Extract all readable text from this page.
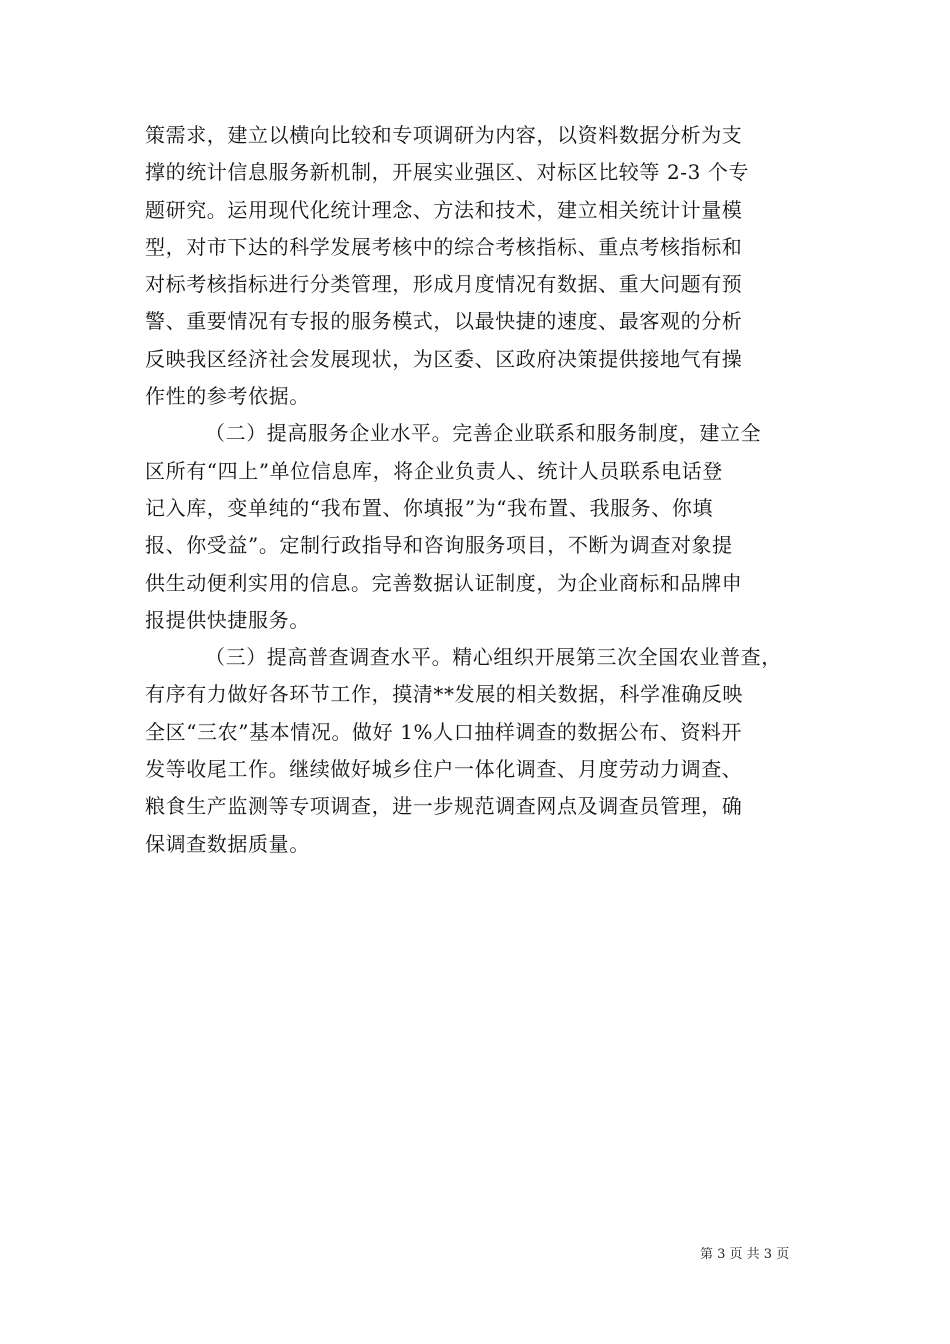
策需求，建立以横向比较和专项调研为内容，以资料数据分析为支
撑的统计信息服务新机制，开展实业强区、对标区比较等 2-3 个专
题研究。运用现代化统计理念、方法和技术，建立相关统计计量模
型，对市下达的科学发展考核中的综合考核指标、重点考核指标和
对标考核指标进行分类管理，形成月度情况有数据、重大问题有预
警、重要情况有专报的服务模式，以最快捷的速度、最客观的分析
反映我区经济社会发展现状，为区委、区政府决策提供接地气有操
作性的参考依据。
（二）提高服务企业水平。完善企业联系和服务制度，建立全
区所有“四上”单位信息库，将企业负责人、统计人员联系电话登
记入库，变单纯的“我布置、你填报”为“我布置、我服务、你填
报、你受益”。定制行政指导和咨询服务项目，不断为调查对象提
供生动便利实用的信息。完善数据认证制度，为企业商标和品牌申
报提供快捷服务。
（三）提高普查调查水平。精心组织开展第三次全国农业普查，
有序有力做好各环节工作，摸清**发展的相关数据，科学准确反映
全区“三农”基本情况。做好 1%人口抽样调查的数据公布、资料开
发等收尾工作。继续做好城乡住户一体化调查、月度劳动力调查、
粮食生产监测等专项调查，进一步规范调查网点及调查员管理，确
保调查数据质量。
第 3 页 共 3 页
